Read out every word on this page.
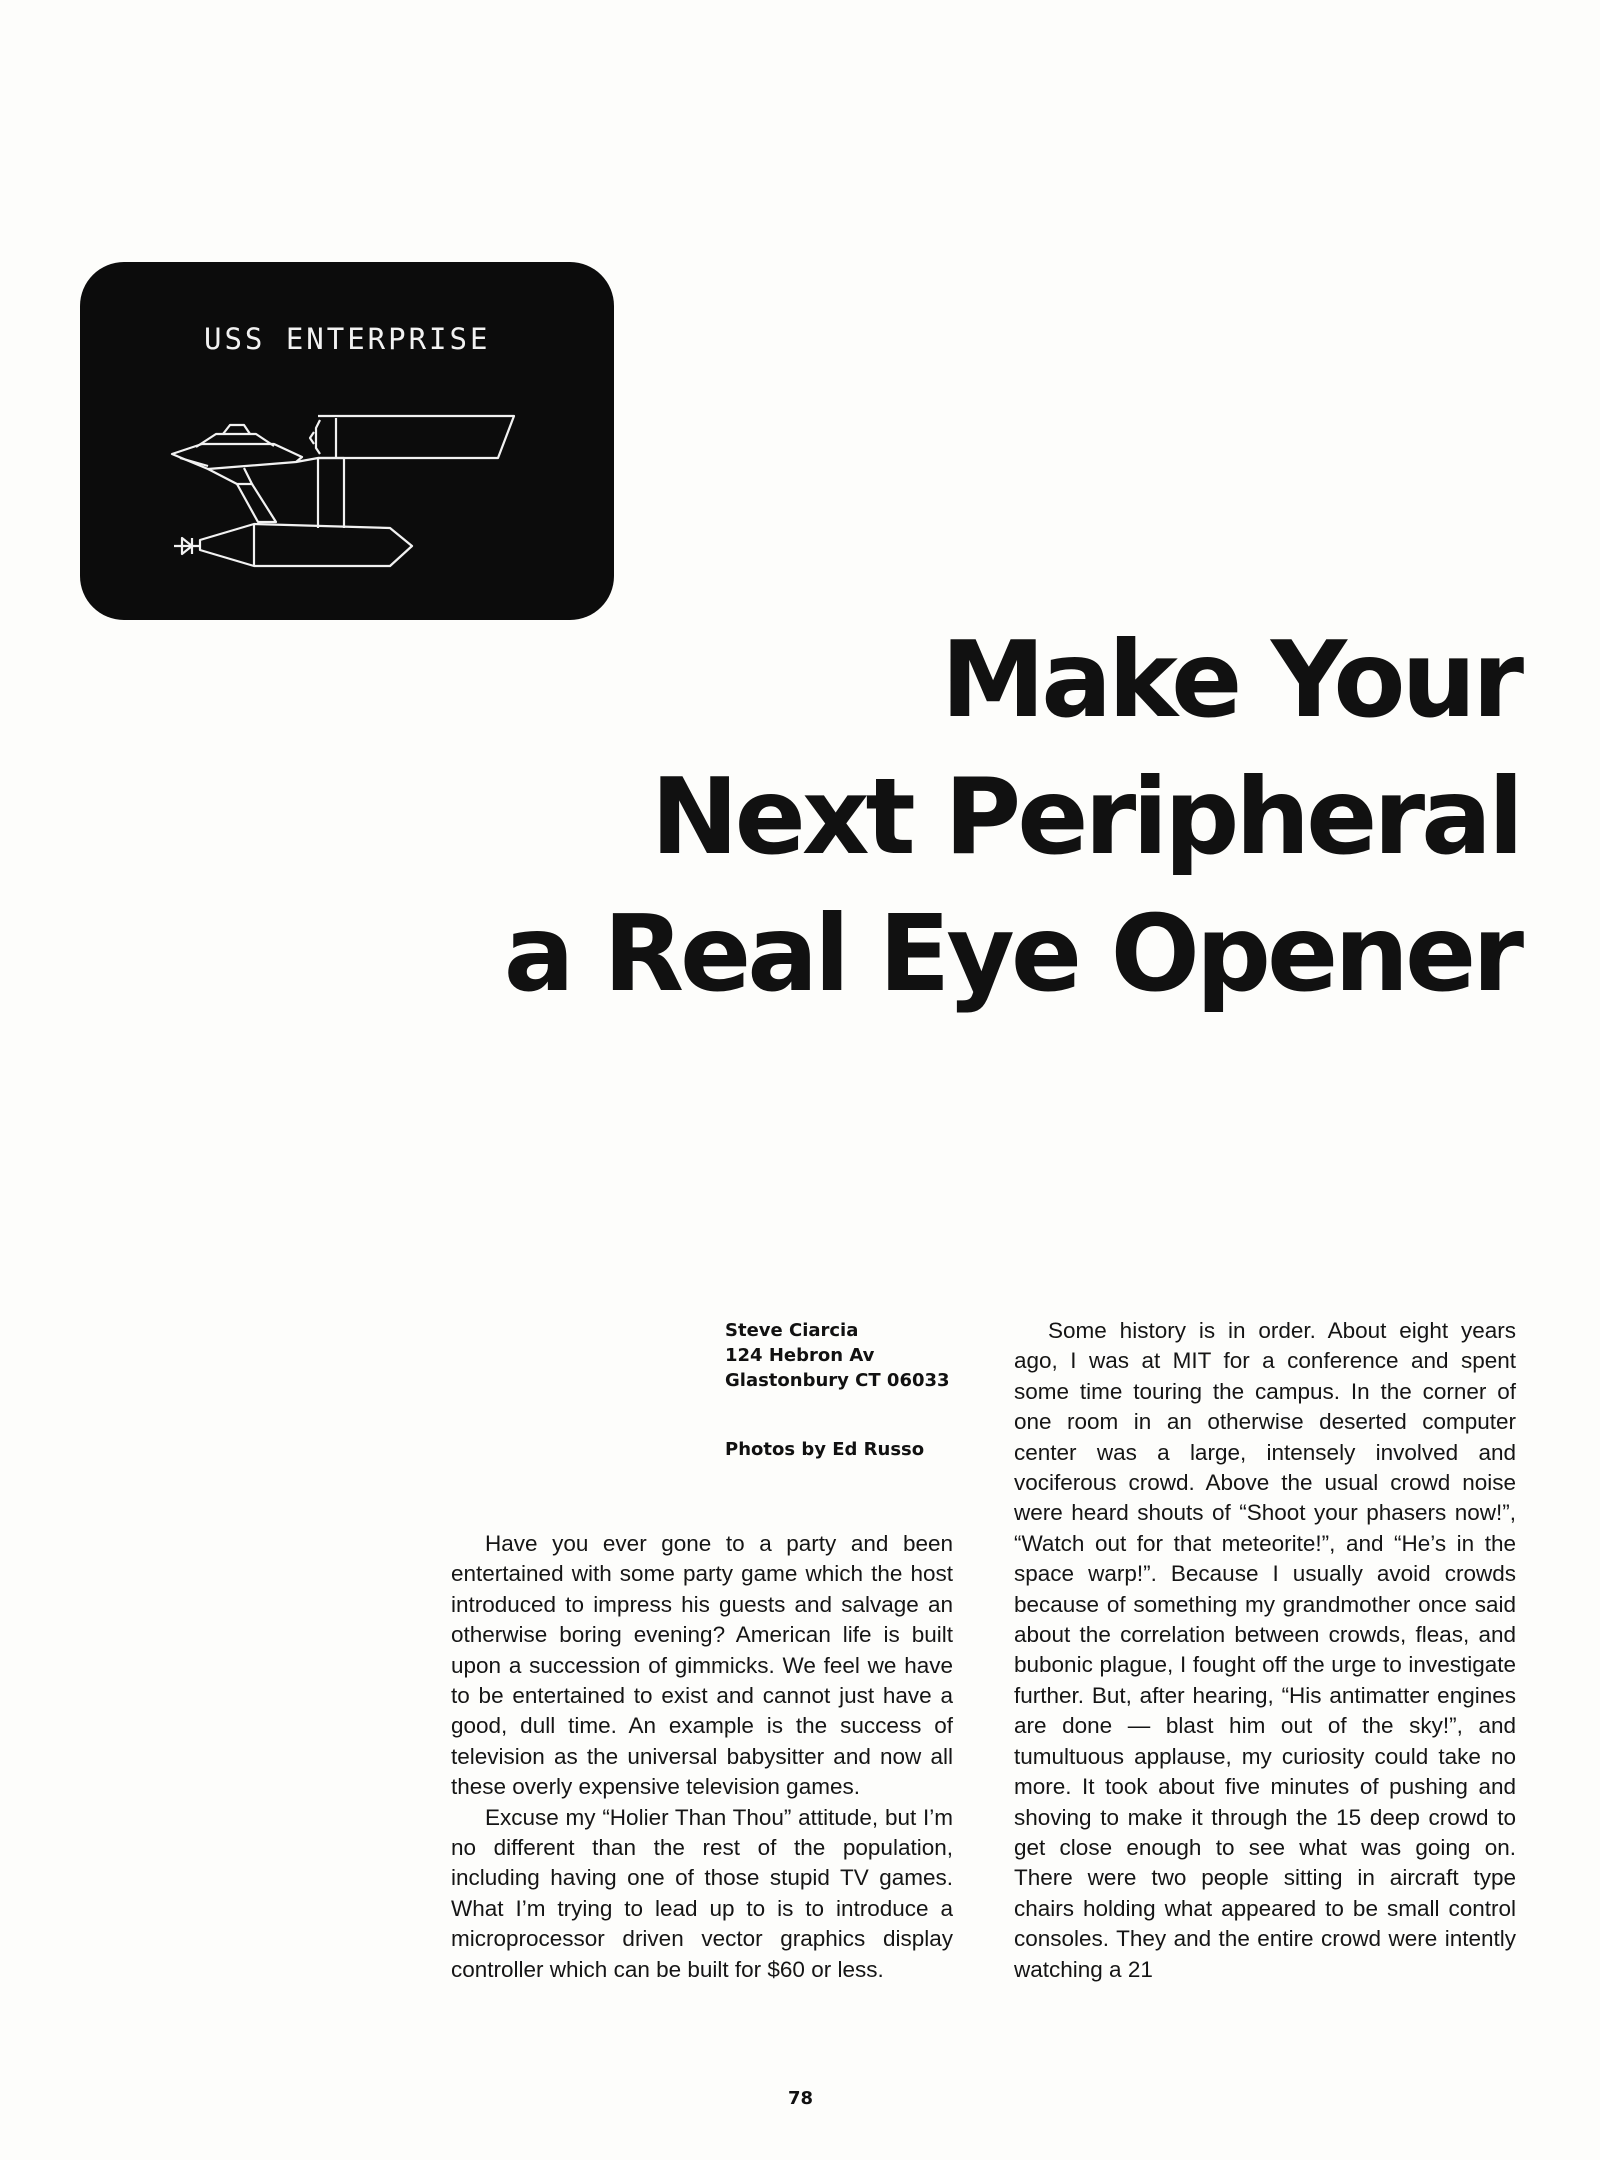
USS ENTERPRISE
Make Your
Next Peripheral
a Real Eye Opener
Steve Ciarcia
124 Hebron Av
Glastonbury CT 06033
Photos by Ed Russo

Have you ever gone to a party and been entertained with some party game which the host introduced to impress his guests and salvage an otherwise boring evening? American life is built upon a succession of gimmicks. We feel we have to be entertained to exist and cannot just have a good, dull time. An example is the success of television as the universal babysitter and now all these overly expensive television games.

Excuse my “Holier Than Thou” attitude, but I’m no different than the rest of the population, including having one of those stupid TV games. What I’m trying to lead up to is to introduce a microprocessor driven vector graphics display controller which can be built for $60 or less.

Some history is in order. About eight years ago, I was at MIT for a conference and spent some time touring the campus. In the corner of one room in an otherwise deserted computer center was a large, intensely involved and vociferous crowd. Above the usual crowd noise were heard shouts of “Shoot your phasers now!”, “Watch out for that meteorite!”, and “He’s in the space warp!”. Because I usually avoid crowds because of something my grandmother once said about the correlation between crowds, fleas, and bubonic plague, I fought off the urge to investigate further. But, after hearing, “His antimatter engines are done — blast him out of the sky!”, and tumultuous applause, my curiosity could take no more. It took about five minutes of pushing and shoving to make it through the 15 deep crowd to get close enough to see what was going on. There were two people sitting in aircraft type chairs holding what appeared to be small control consoles. They and the entire crowd were intently watching a 21

78
